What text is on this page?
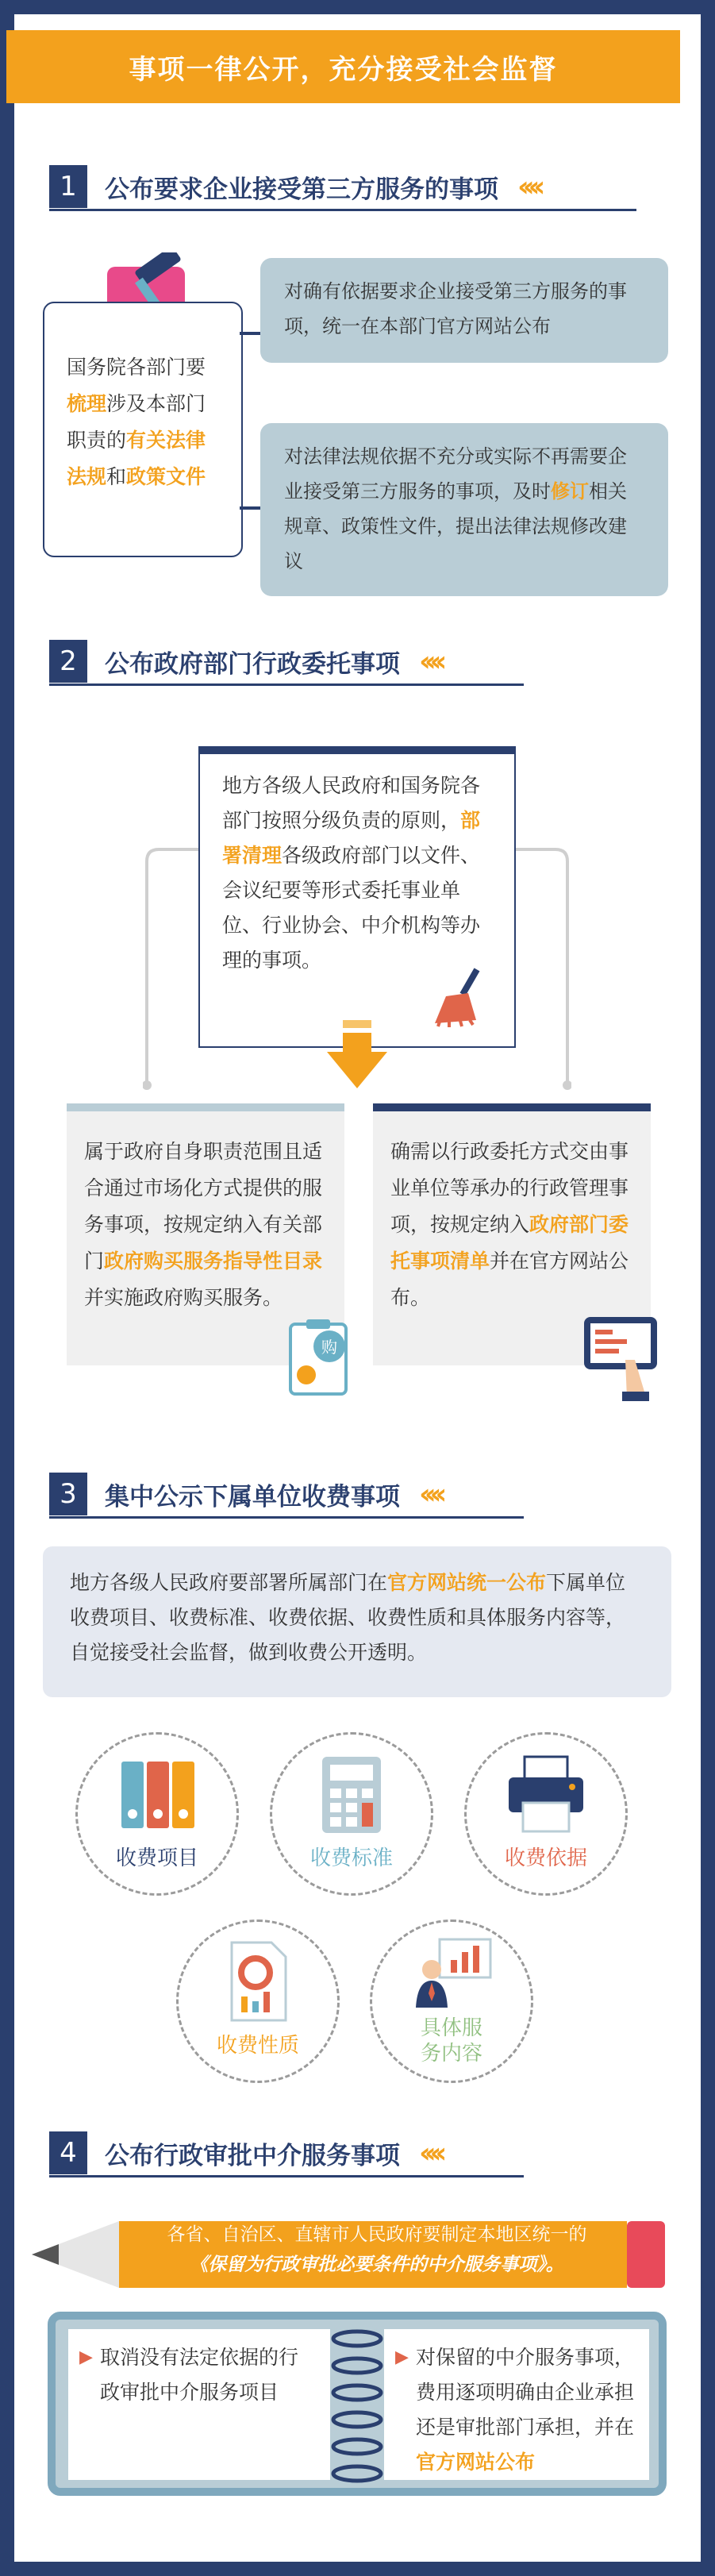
事项一律公开，充分接受社会监督
1	公布要求企业接受第三方服务的事项 ‹‹‹‹
国务院各部门要梳理涉及本部门职责的有关法律法规和政策文件
对确有依据要求企业接受第三方服务的事项，统一在本部门官方网站公布
对法律法规依据不充分或实际不再需要企业接受第三方服务的事项，及时修订相关规章、政策性文件，提出法律法规修改建议
2	公布政府部门行政委托事项 ‹‹‹‹
地方各级人民政府和国务院各部门按照分级负责的原则，部署清理各级政府部门以文件、会议纪要等形式委托事业单位、行业协会、中介机构等办理的事项。
属于政府自身职责范围且适合通过市场化方式提供的服务事项，按规定纳入有关部门政府购买服务指导性目录并实施政府购买服务。
确需以行政委托方式交由事业单位等承办的行政管理事项，按规定纳入政府部门委托事项清单并在官方网站公布。
购
3	集中公示下属单位收费事项 ‹‹‹‹
地方各级人民政府要部署所属部门在官方网站统一公布下属单位收费项目、收费标准、收费依据、收费性质和具体服务内容等，自觉接受社会监督，做到收费公开透明。
收费项目	收费标准	收费依据
收费性质
具体服务内容
4	公布行政审批中介服务事项 ‹‹‹‹
各省、自治区、直辖市人民政府要制定本地区统一的
《保留为行政审批必要条件的中介服务事项》。
▶ 取消没有法定依据的行政审批中介服务项目
▶ 对保留的中介服务事项，费用逐项明确由企业承担还是审批部门承担，并在官方网站公布
